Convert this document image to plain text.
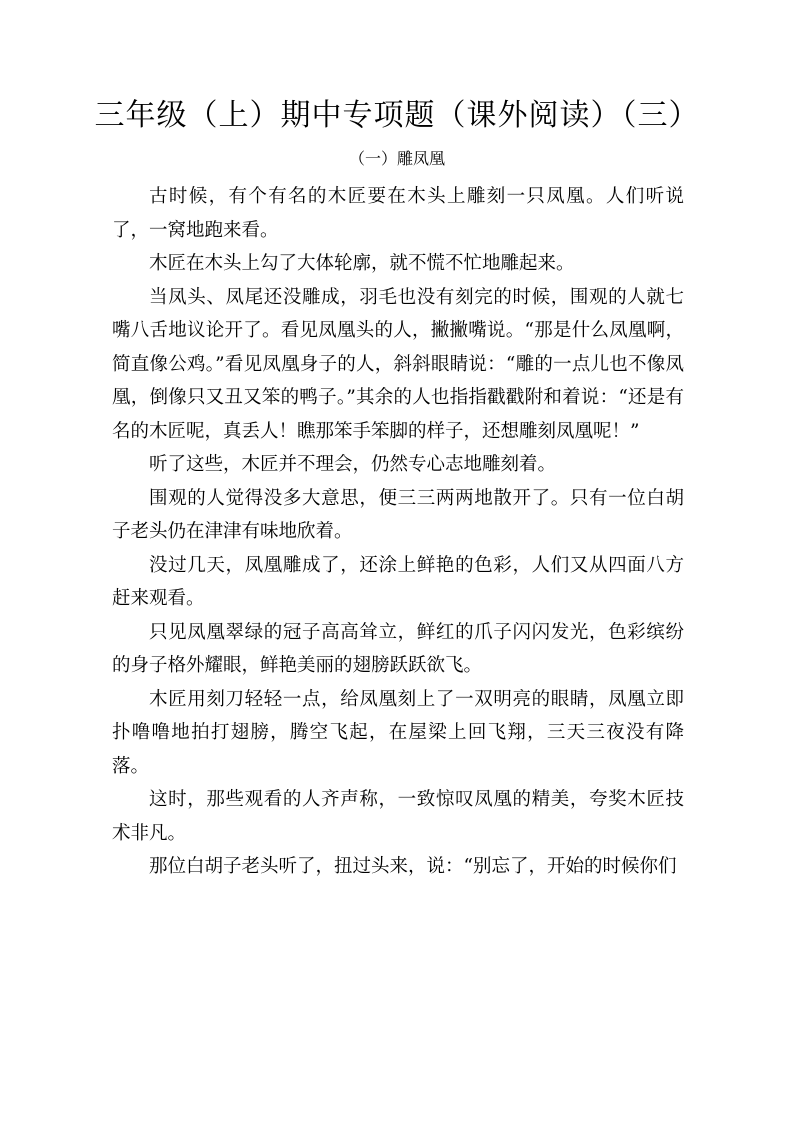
三年级（上）期中专项题（课外阅读）（三）
（一）雕凤凰

古时候，有个有名的木匠要在木头上雕刻一只凤凰。人们听说了，一窝地跑来看。

木匠在木头上勾了大体轮廓，就不慌不忙地雕起来。

当凤头、凤尾还没雕成，羽毛也没有刻完的时候，围观的人就七嘴八舌地议论开了。看见凤凰头的人，撇撇嘴说。“那是什么凤凰啊，简直像公鸡。”看见凤凰身子的人，斜斜眼睛说：“雕的一点儿也不像凤凰，倒像只又丑又笨的鸭子。”其余的人也指指戳戳附和着说：“还是有名的木匠呢，真丢人！瞧那笨手笨脚的样子，还想雕刻凤凰呢！”

听了这些，木匠并不理会，仍然专心志地雕刻着。

围观的人觉得没多大意思，便三三两两地散开了。只有一位白胡子老头仍在津津有味地欣着。

没过几天，凤凰雕成了，还涂上鲜艳的色彩，人们又从四面八方赶来观看。

只见凤凰翠绿的冠子高高耸立，鲜红的爪子闪闪发光，色彩缤纷的身子格外耀眼，鲜艳美丽的翅膀跃跃欲飞。

木匠用刻刀轻轻一点，给凤凰刻上了一双明亮的眼睛，凤凰立即扑噜噜地拍打翅膀，腾空飞起，在屋梁上回飞翔，三天三夜没有降落。

这时，那些观看的人齐声称，一致惊叹凤凰的精美，夸奖木匠技术非凡。

那位白胡子老头听了，扭过头来，说：“别忘了，开始的时候你们
